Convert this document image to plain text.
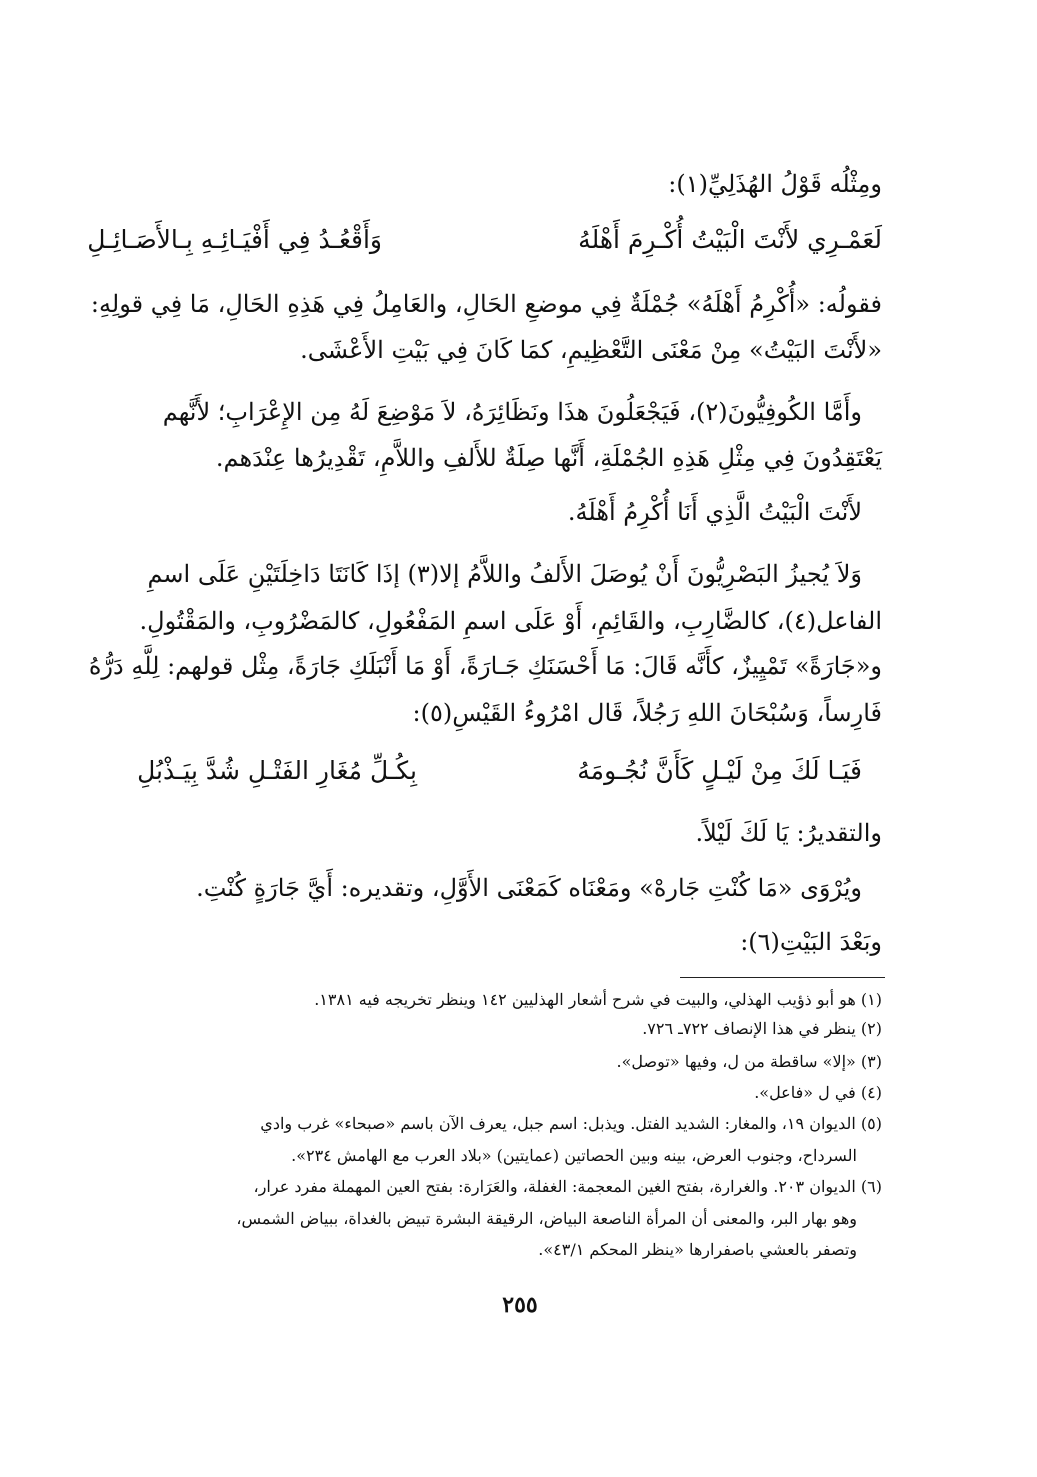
ومِثْلُه قَوْلُ الهُذَلِيِّ(١):
لَعَمْـرِي لأَنْتَ الْبَيْتُ أُكْـرِمَ أَهْلَهُ
وَأَقْعُـدُ فِي أَفْيَـائِـهِ بِـالأَصَـائِـلِ
فقولُه: «أُكْرِمُ أَهْلَهُ» جُمْلَةٌ فِي موضعِ الحَالِ، والعَامِلُ فِي هَذِهِ الحَالِ، مَا فِي قولِهِ:
«لأَنْتَ البَيْتُ» مِنْ مَعْنَى التَّعْظِيمِ، كمَا كَانَ فِي بَيْتِ الأَعْشَى.
وأَمَّا الكُوفِيُّونَ(٢)، فَيَجْعَلُونَ هذَا ونَظَائِرَهُ، لاَ مَوْضِعَ لَهُ مِن الإِعْرَابِ؛ لأَنَّهم
يَعْتَقِدُونَ فِي مِثْلِ هَذِهِ الجُمْلَةِ، أَنَّها صِلَةٌ للأَلفِ واللاَّمِ، تَقْدِيرُها عِنْدَهم.
لأَنْتَ الْبَيْتُ الَّذِي أَنَا أُكْرِمُ أَهْلَهُ.
وَلاَ يُجيزُ البَصْرِيُّونَ أَنْ يُوصَلَ الأَلفُ واللاَّمُ إلا(٣) إذَا كَانَتَا دَاخِلَتَيْنِ عَلَى اسمِ
الفاعل(٤)، كالضَّارِبِ، والقَائِمِ، أَوْ عَلَى اسمِ المَفْعُولِ، كالمَضْرُوبِ، والمَقْتُولِ.
و«جَارَةً» تَمْيِيزٌ، كأَنَّه قَالَ: مَا أَحْسَنَكِ جَـارَةً، أَوْ مَا أَنْبَلَكِ جَارَةً، مِثْل قولهم: لِلَّهِ دَرُّهُ
فَارِساً، وَسُبْحَانَ اللهِ رَجُلاً، قَال امْرُوءُ القَيْسِ(٥):
فَيَـا لَكَ مِنْ لَيْـلٍ كَأَنَّ نُجُـومَهُ
بِكُـلِّ مُغَارِ الفَتْـلِ شُدَّ بِيَـذْبُلِ
والتقديرُ: يَا لَكَ لَيْلاً.
ويُرْوَى «مَا كُنْتِ جَارهْ» ومَعْنَاه كَمَعْنَى الأَوَّلِ، وتقديره: أَيَّ جَارَةٍ كُنْتِ.
وبَعْدَ البَيْتِ(٦):
(١) هو أبو ذؤيب الهذلي، والبيت في شرح أشعار الهذليين ١٤٢ وينظر تخريجه فيه ١٣٨١.
(٢) ينظر في هذا الإنصاف ٧٢٢ـ ٧٢٦.
(٣) «إلا» ساقطة من ل، وفيها «توصل».
(٤) في ل «فاعل».
(٥) الديوان ١٩، والمغار: الشديد الفتل. ويذبل: اسم جبل، يعرف الآن باسم «صبحاء» غرب وادي
السرداح، وجنوب العرض، بينه وبين الحصاتين (عمايتين) «بلاد العرب مع الهامش ٢٣٤».
(٦) الديوان ٢٠٣. والغرارة، بفتح الغين المعجمة: الغفلة، والعَرَارة: بفتح العين المهملة مفرد عرار،
وهو بهار البر، والمعنى أن المرأة الناصعة البياض، الرقيقة البشرة تبيض بالغداة، ببياض الشمس،
وتصفر بالعشي باصفرارها «ينظر المحكم ٤٣/١».
٢٥٥
